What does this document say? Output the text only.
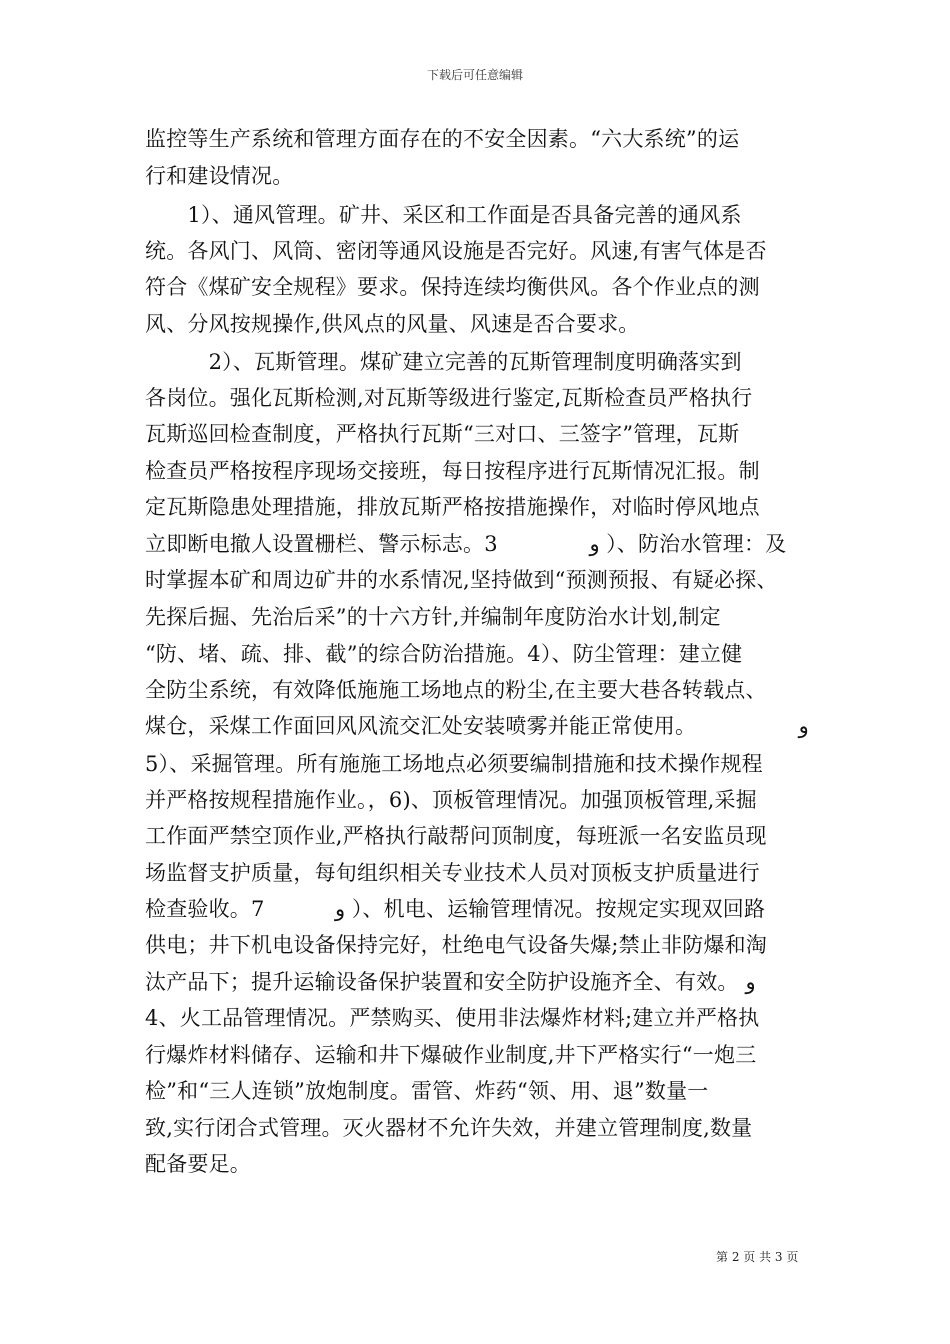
下载后可任意编辑
监控等生产系统和管理方面存在的不安全因素。“六大系统”的运
行和建设情况。
　　1）、通风管理。矿井、采区和工作面是否具备完善的通风系
统。各风门、风筒、密闭等通风设施是否完好。风速,有害气体是否
符合《煤矿安全规程》要求。保持连续均衡供风。各个作业点的测
风、分风按规操作,供风点的风量、风速是否合要求。
　　　2）、瓦斯管理。煤矿建立完善的瓦斯管理制度明确落实到
各岗位。强化瓦斯检测,对瓦斯等级进行鉴定,瓦斯检查员严格执行
瓦斯巡回检查制度，严格执行瓦斯“三对口、三签字”管理，瓦斯
检查员严格按程序现场交接班，每日按程序进行瓦斯情况汇报。制
定瓦斯隐患处理措施，排放瓦斯严格按措施操作，对临时停风地点
立即断电撤人设置栅栏、警示标志。3　　　　 و ）、防治水管理：及
时掌握本矿和周边矿井的水系情况,坚持做到“预测预报、有疑必探、
先探后掘、先治后采”的十六方针,并编制年度防治水计划,制定
“防、堵、疏、排、截”的综合防治措施。4）、防尘管理：建立健
全防尘系统，有效降低施施工场地点的粉尘,在主要大巷各转载点、
煤仓，采煤工作面回风风流交汇处安装喷雾并能正常使用。　　　　　 و
5）、采掘管理。所有施施工场地点必须要编制措施和技术操作规程
并严格按规程措施作业。，6)、顶板管理情况。加强顶板管理,采掘
工作面严禁空顶作业,严格执行敲帮问顶制度，每班派一名安监员现
场监督支护质量，每旬组织相关专业技术人员对顶板支护质量进行
检查验收。7　　　 و ）、机电、运输管理情况。按规定实现双回路
供电；井下机电设备保持完好，杜绝电气设备失爆;禁止非防爆和淘
汰产品下；提升运输设备保护装置和安全防护设施齐全、有效。 و
4、火工品管理情况。严禁购买、使用非法爆炸材料;建立并严格执
行爆炸材料储存、运输和井下爆破作业制度,井下严格实行“一炮三
检”和“三人连锁”放炮制度。雷管、炸药“领、用、退”数量一
致,实行闭合式管理。灭火器材不允许失效，并建立管理制度,数量
配备要足。
第 2 页 共 3 页
